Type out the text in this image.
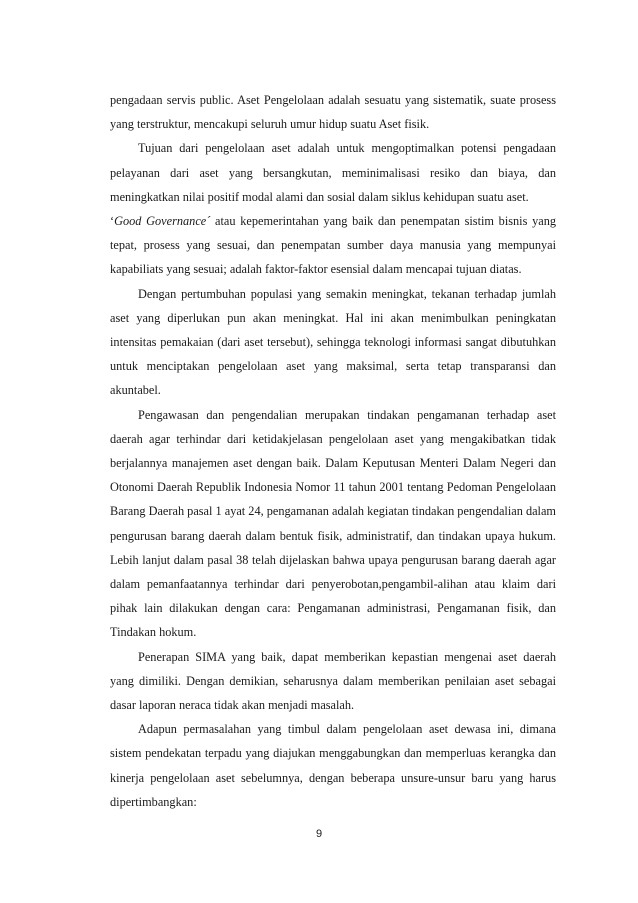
pengadaan servis public. Aset Pengelolaan adalah sesuatu yang sistematik, suate prosess yang terstruktur, mencakupi seluruh umur hidup suatu Aset fisik.

Tujuan dari pengelolaan aset adalah untuk mengoptimalkan potensi pengadaan pelayanan dari aset yang bersangkutan, meminimalisasi resiko dan biaya, dan meningkatkan nilai positif modal alami dan sosial dalam siklus kehidupan suatu aset.

‘Good Governance´ atau kepemerintahan yang baik dan penempatan sistim bisnis yang tepat, prosess yang sesuai, dan penempatan sumber daya manusia yang mempunyai kapabiliats yang sesuai; adalah faktor-faktor esensial dalam mencapai tujuan diatas.

Dengan pertumbuhan populasi yang semakin meningkat, tekanan terhadap jumlah aset yang diperlukan pun akan meningkat. Hal ini akan menimbulkan peningkatan intensitas pemakaian (dari aset tersebut), sehingga teknologi informasi sangat dibutuhkan untuk menciptakan pengelolaan aset yang maksimal, serta tetap transparansi dan akuntabel.

Pengawasan dan pengendalian merupakan tindakan pengamanan terhadap aset daerah agar terhindar dari ketidakjelasan pengelolaan aset yang mengakibatkan tidak berjalannya manajemen aset dengan baik. Dalam Keputusan Menteri Dalam Negeri dan Otonomi Daerah Republik Indonesia Nomor 11 tahun 2001 tentang Pedoman Pengelolaan Barang Daerah pasal 1 ayat 24, pengamanan adalah kegiatan tindakan pengendalian dalam pengurusan barang daerah dalam bentuk fisik, administratif, dan tindakan upaya hukum. Lebih lanjut dalam pasal 38 telah dijelaskan bahwa upaya pengurusan barang daerah agar dalam pemanfaatannya terhindar dari penyerobotan,pengambil-alihan atau klaim dari pihak lain dilakukan dengan cara: Pengamanan administrasi, Pengamanan fisik, dan Tindakan hokum.

Penerapan SIMA yang baik, dapat memberikan kepastian mengenai aset daerah yang dimiliki. Dengan demikian, seharusnya dalam memberikan penilaian aset sebagai dasar laporan neraca tidak akan menjadi masalah.

Adapun permasalahan yang timbul dalam pengelolaan aset dewasa ini, dimana sistem pendekatan terpadu yang diajukan menggabungkan dan memperluas kerangka dan kinerja pengelolaan aset sebelumnya, dengan beberapa unsure-unsur baru yang harus dipertimbangkan:

9
